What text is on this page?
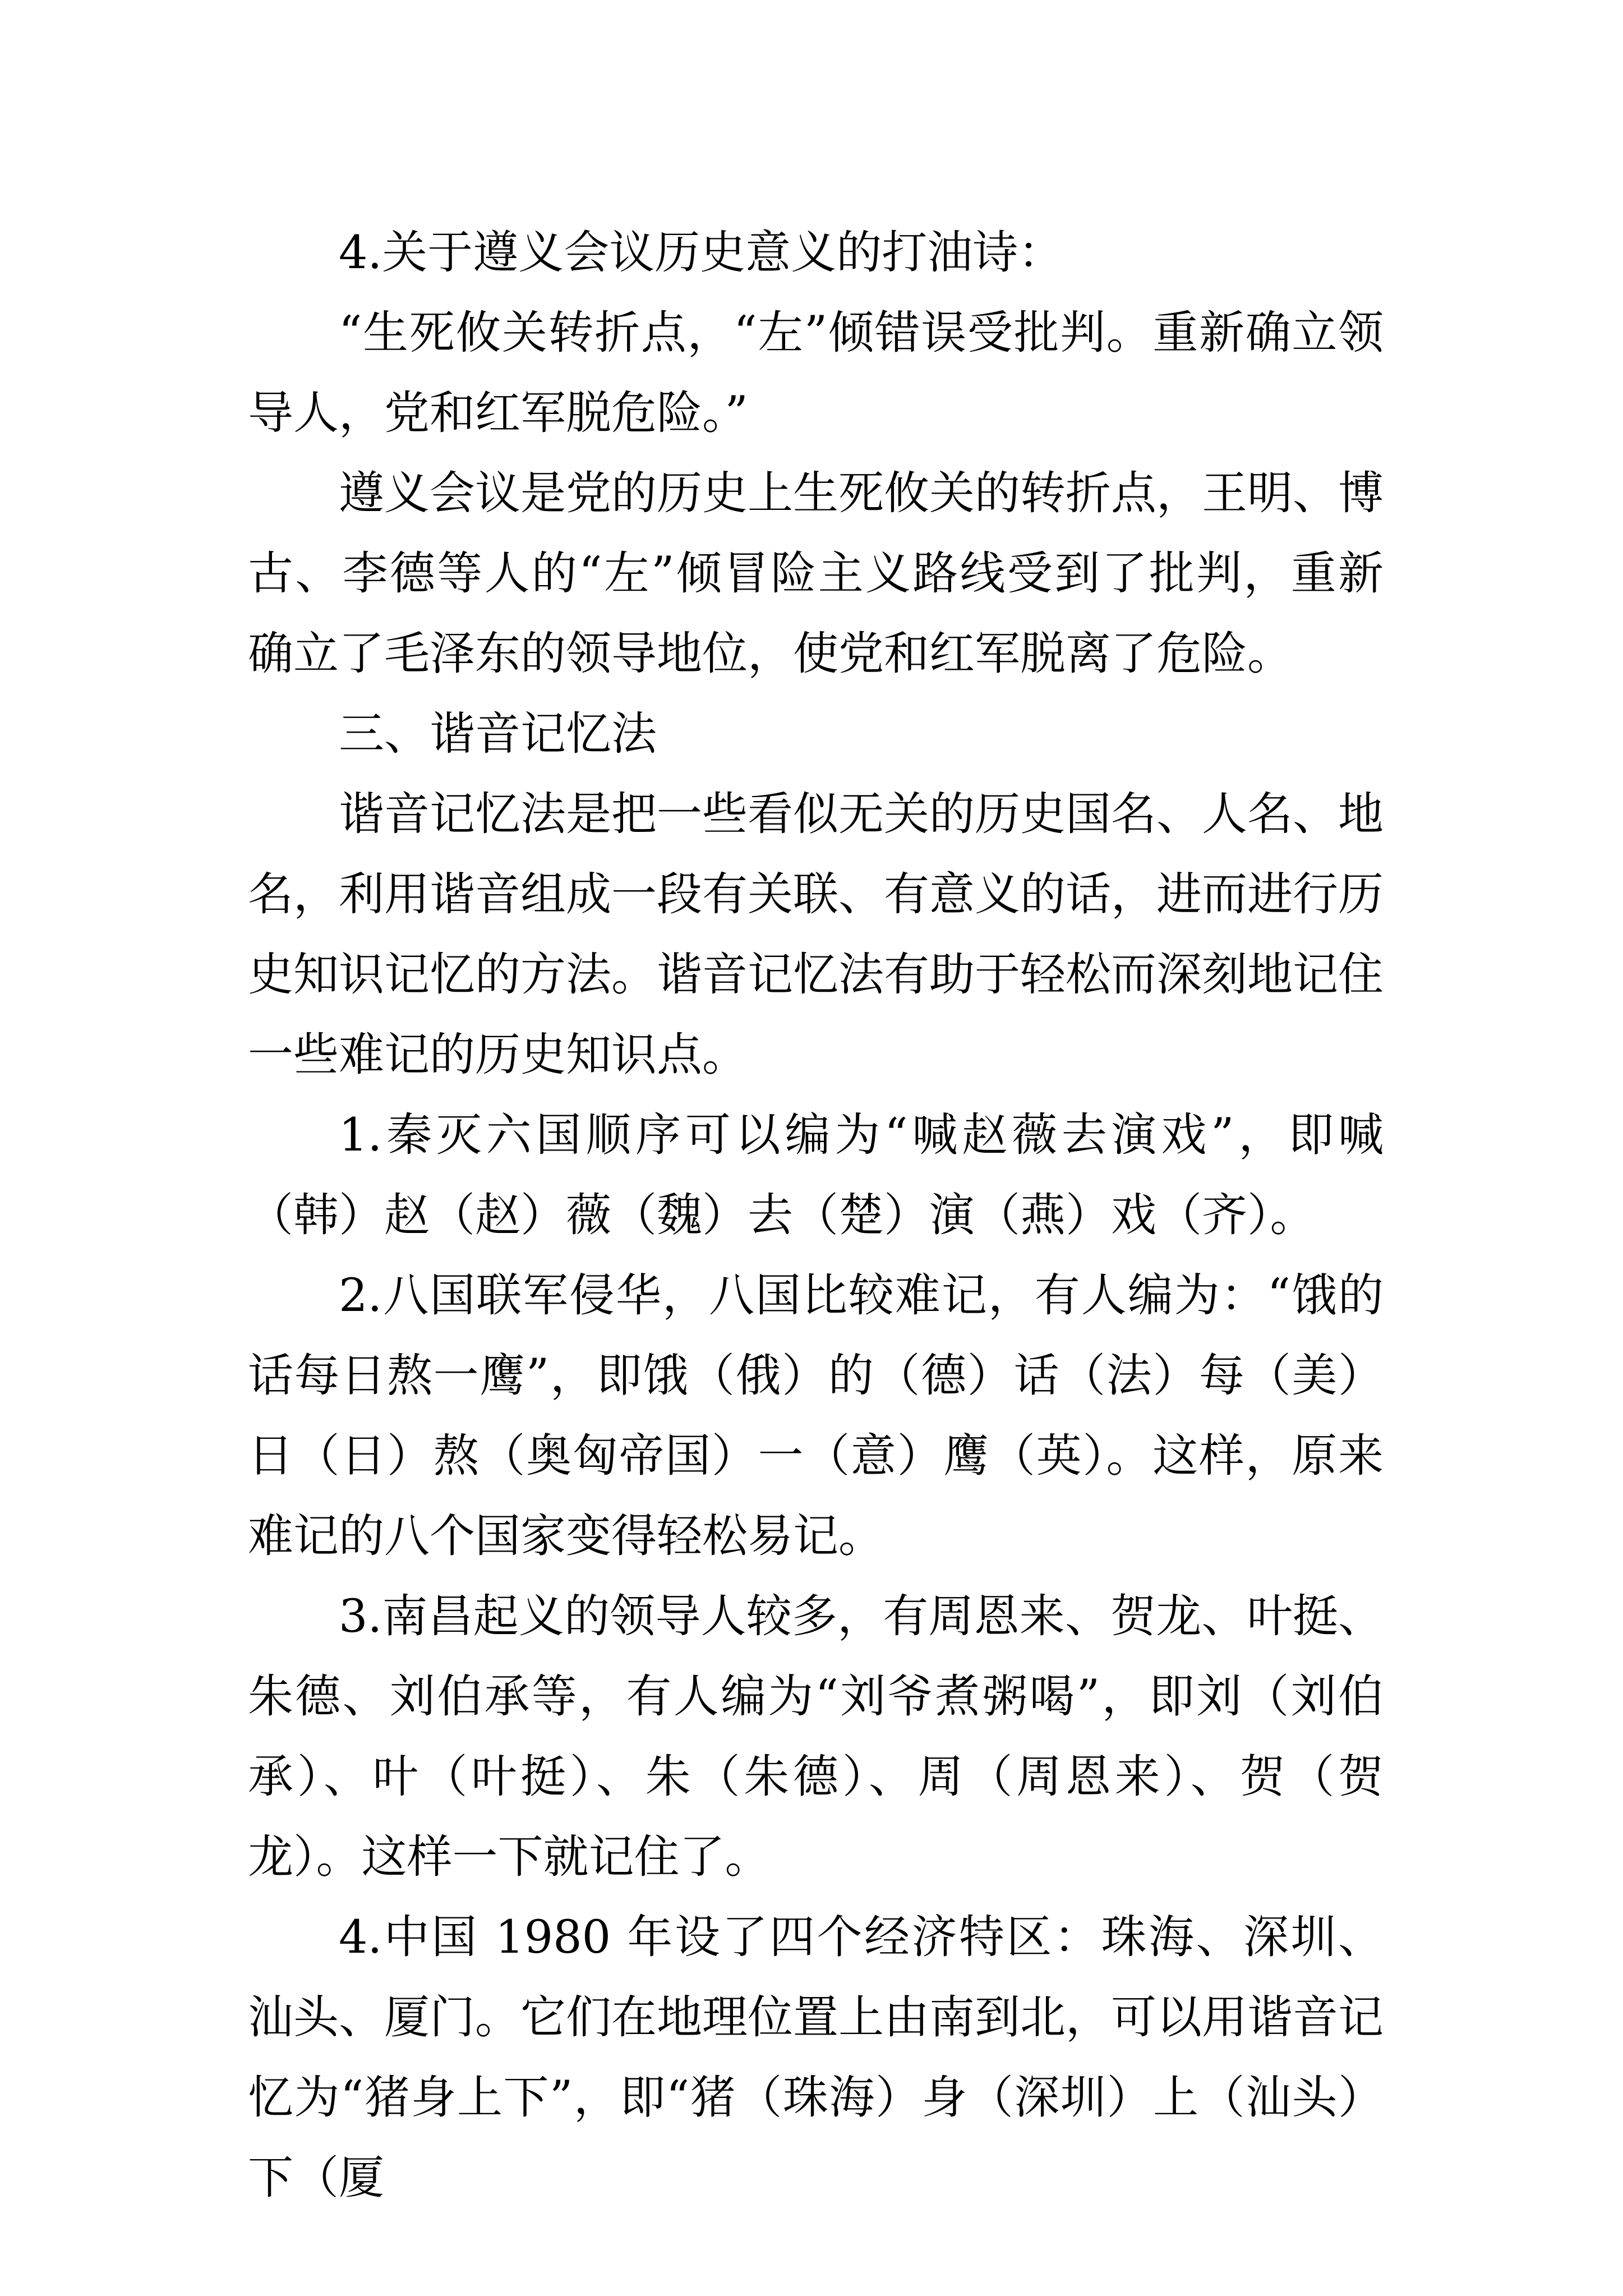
4.关于遵义会议历史意义的打油诗：

“生死攸关转折点，“左”倾错误受批判。重新确立领导人，党和红军脱危险。”

遵义会议是党的历史上生死攸关的转折点，王明、博古、李德等人的“左”倾冒险主义路线受到了批判，重新确立了毛泽东的领导地位，使党和红军脱离了危险。

三、谐音记忆法

谐音记忆法是把一些看似无关的历史国名、人名、地名，利用谐音组成一段有关联、有意义的话，进而进行历史知识记忆的方法。谐音记忆法有助于轻松而深刻地记住一些难记的历史知识点。

1.秦灭六国顺序可以编为“喊赵薇去演戏”，即喊（韩）赵（赵）薇（魏）去（楚）演（燕）戏（齐）。

2.八国联军侵华，八国比较难记，有人编为：“饿的话每日熬一鹰”，即饿（俄）的（德）话（法）每（美）日（日）熬（奥匈帝国）一（意）鹰（英）。这样，原来难记的八个国家变得轻松易记。

3.南昌起义的领导人较多，有周恩来、贺龙、叶挺、朱德、刘伯承等，有人编为“刘爷煮粥喝”，即刘（刘伯承）、叶（叶挺）、朱（朱德）、周（周恩来）、贺（贺龙）。这样一下就记住了。

4.中国 1980 年设了四个经济特区：珠海、深圳、汕头、厦门。它们在地理位置上由南到北，可以用谐音记忆为“猪身上下”，即“猪（珠海）身（深圳）上（汕头）下（厦
